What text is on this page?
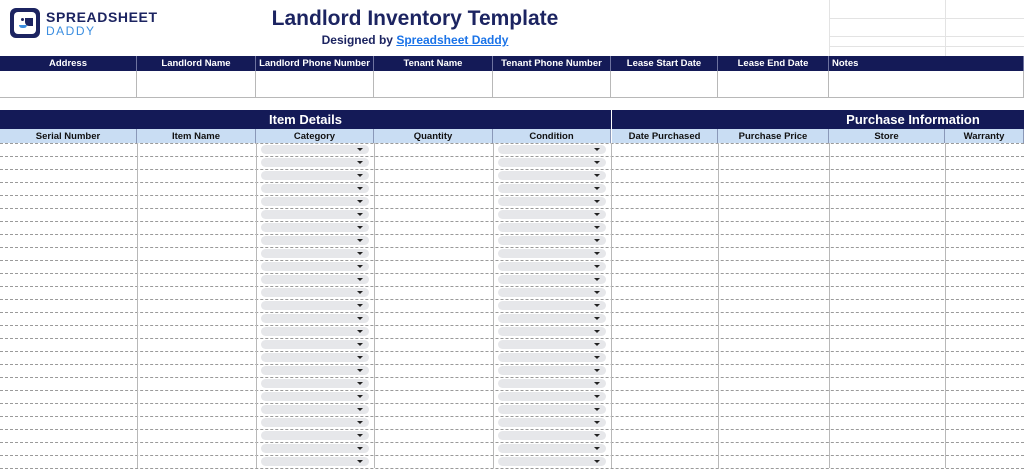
SPREADSHEET
DADDY
Landlord Inventory Template
Designed by Spreadsheet Daddy
Address	Landlord Name	Landlord Phone Number	Tenant Name	Tenant Phone Number	Lease Start Date	Lease End Date	Notes
Item Details	Purchase Information
Serial Number	Item Name	Category	Quantity	Condition	Date Purchased	Purchase Price	Store	Warranty
